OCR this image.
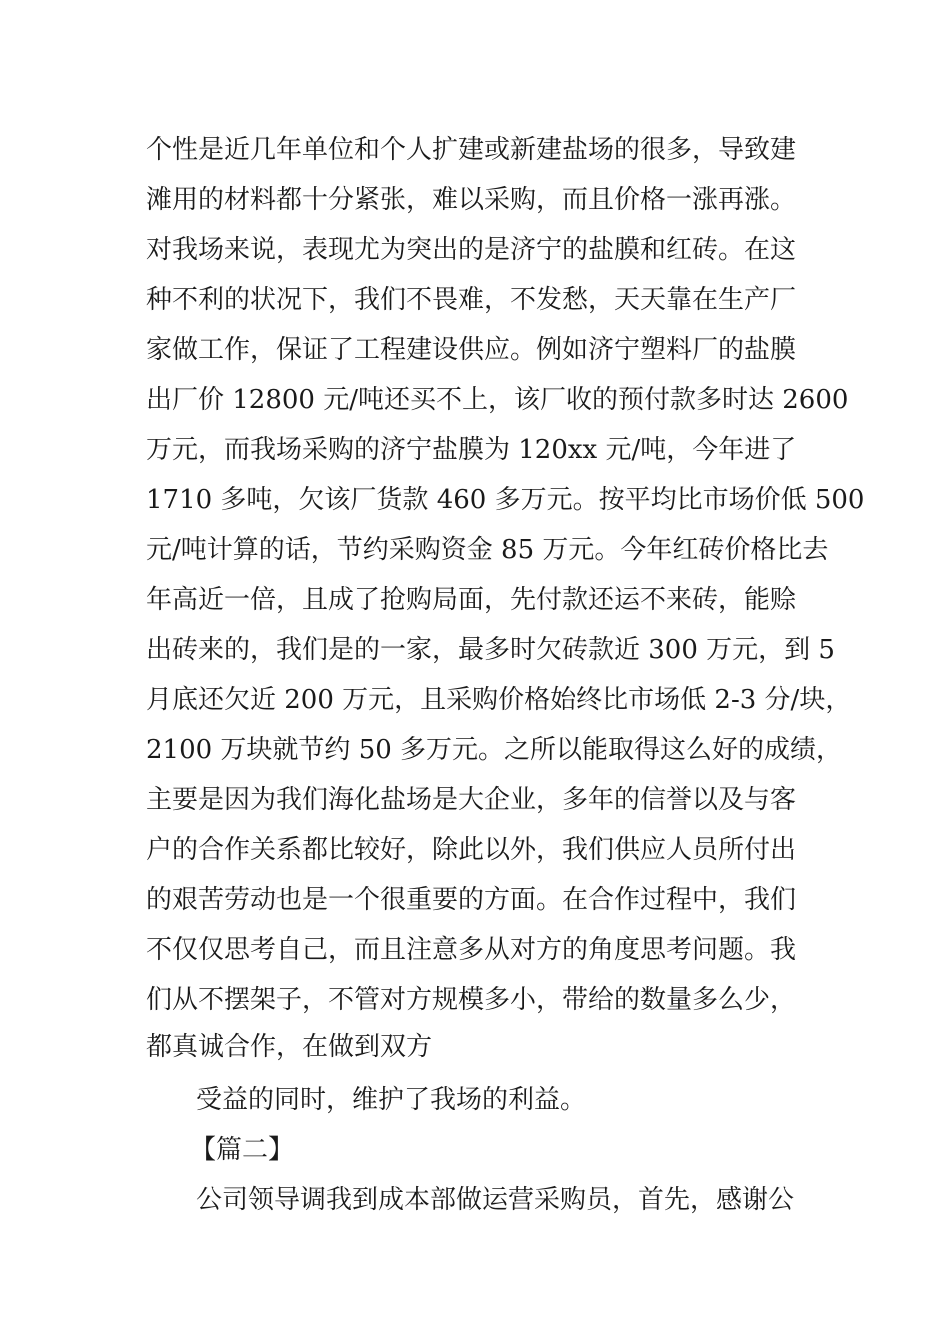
个性是近几年单位和个人扩建或新建盐场的很多，导致建
滩用的材料都十分紧张，难以采购，而且价格一涨再涨。
对我场来说，表现尤为突出的是济宁的盐膜和红砖。在这
种不利的状况下，我们不畏难，不发愁，天天靠在生产厂
家做工作，保证了工程建设供应。例如济宁塑料厂的盐膜
出厂价 12800 元/吨还买不上，该厂收的预付款多时达 2600
万元，而我场采购的济宁盐膜为 120xx 元/吨，今年进了
1710 多吨，欠该厂货款 460 多万元。按平均比市场价低 500
元/吨计算的话，节约采购资金 85 万元。今年红砖价格比去
年高近一倍，且成了抢购局面，先付款还运不来砖，能赊
出砖来的，我们是的一家，最多时欠砖款近 300 万元，到 5
月底还欠近 200 万元，且采购价格始终比市场低 2-3 分/块，
2100 万块就节约 50 多万元。之所以能取得这么好的成绩，
主要是因为我们海化盐场是大企业，多年的信誉以及与客
户的合作关系都比较好，除此以外，我们供应人员所付出
的艰苦劳动也是一个很重要的方面。在合作过程中，我们
不仅仅思考自己，而且注意多从对方的角度思考问题。我
们从不摆架子，不管对方规模多小，带给的数量多么少，
都真诚合作，在做到双方
受益的同时，维护了我场的利益。
【篇二】
公司领导调我到成本部做运营采购员，首先，感谢公
